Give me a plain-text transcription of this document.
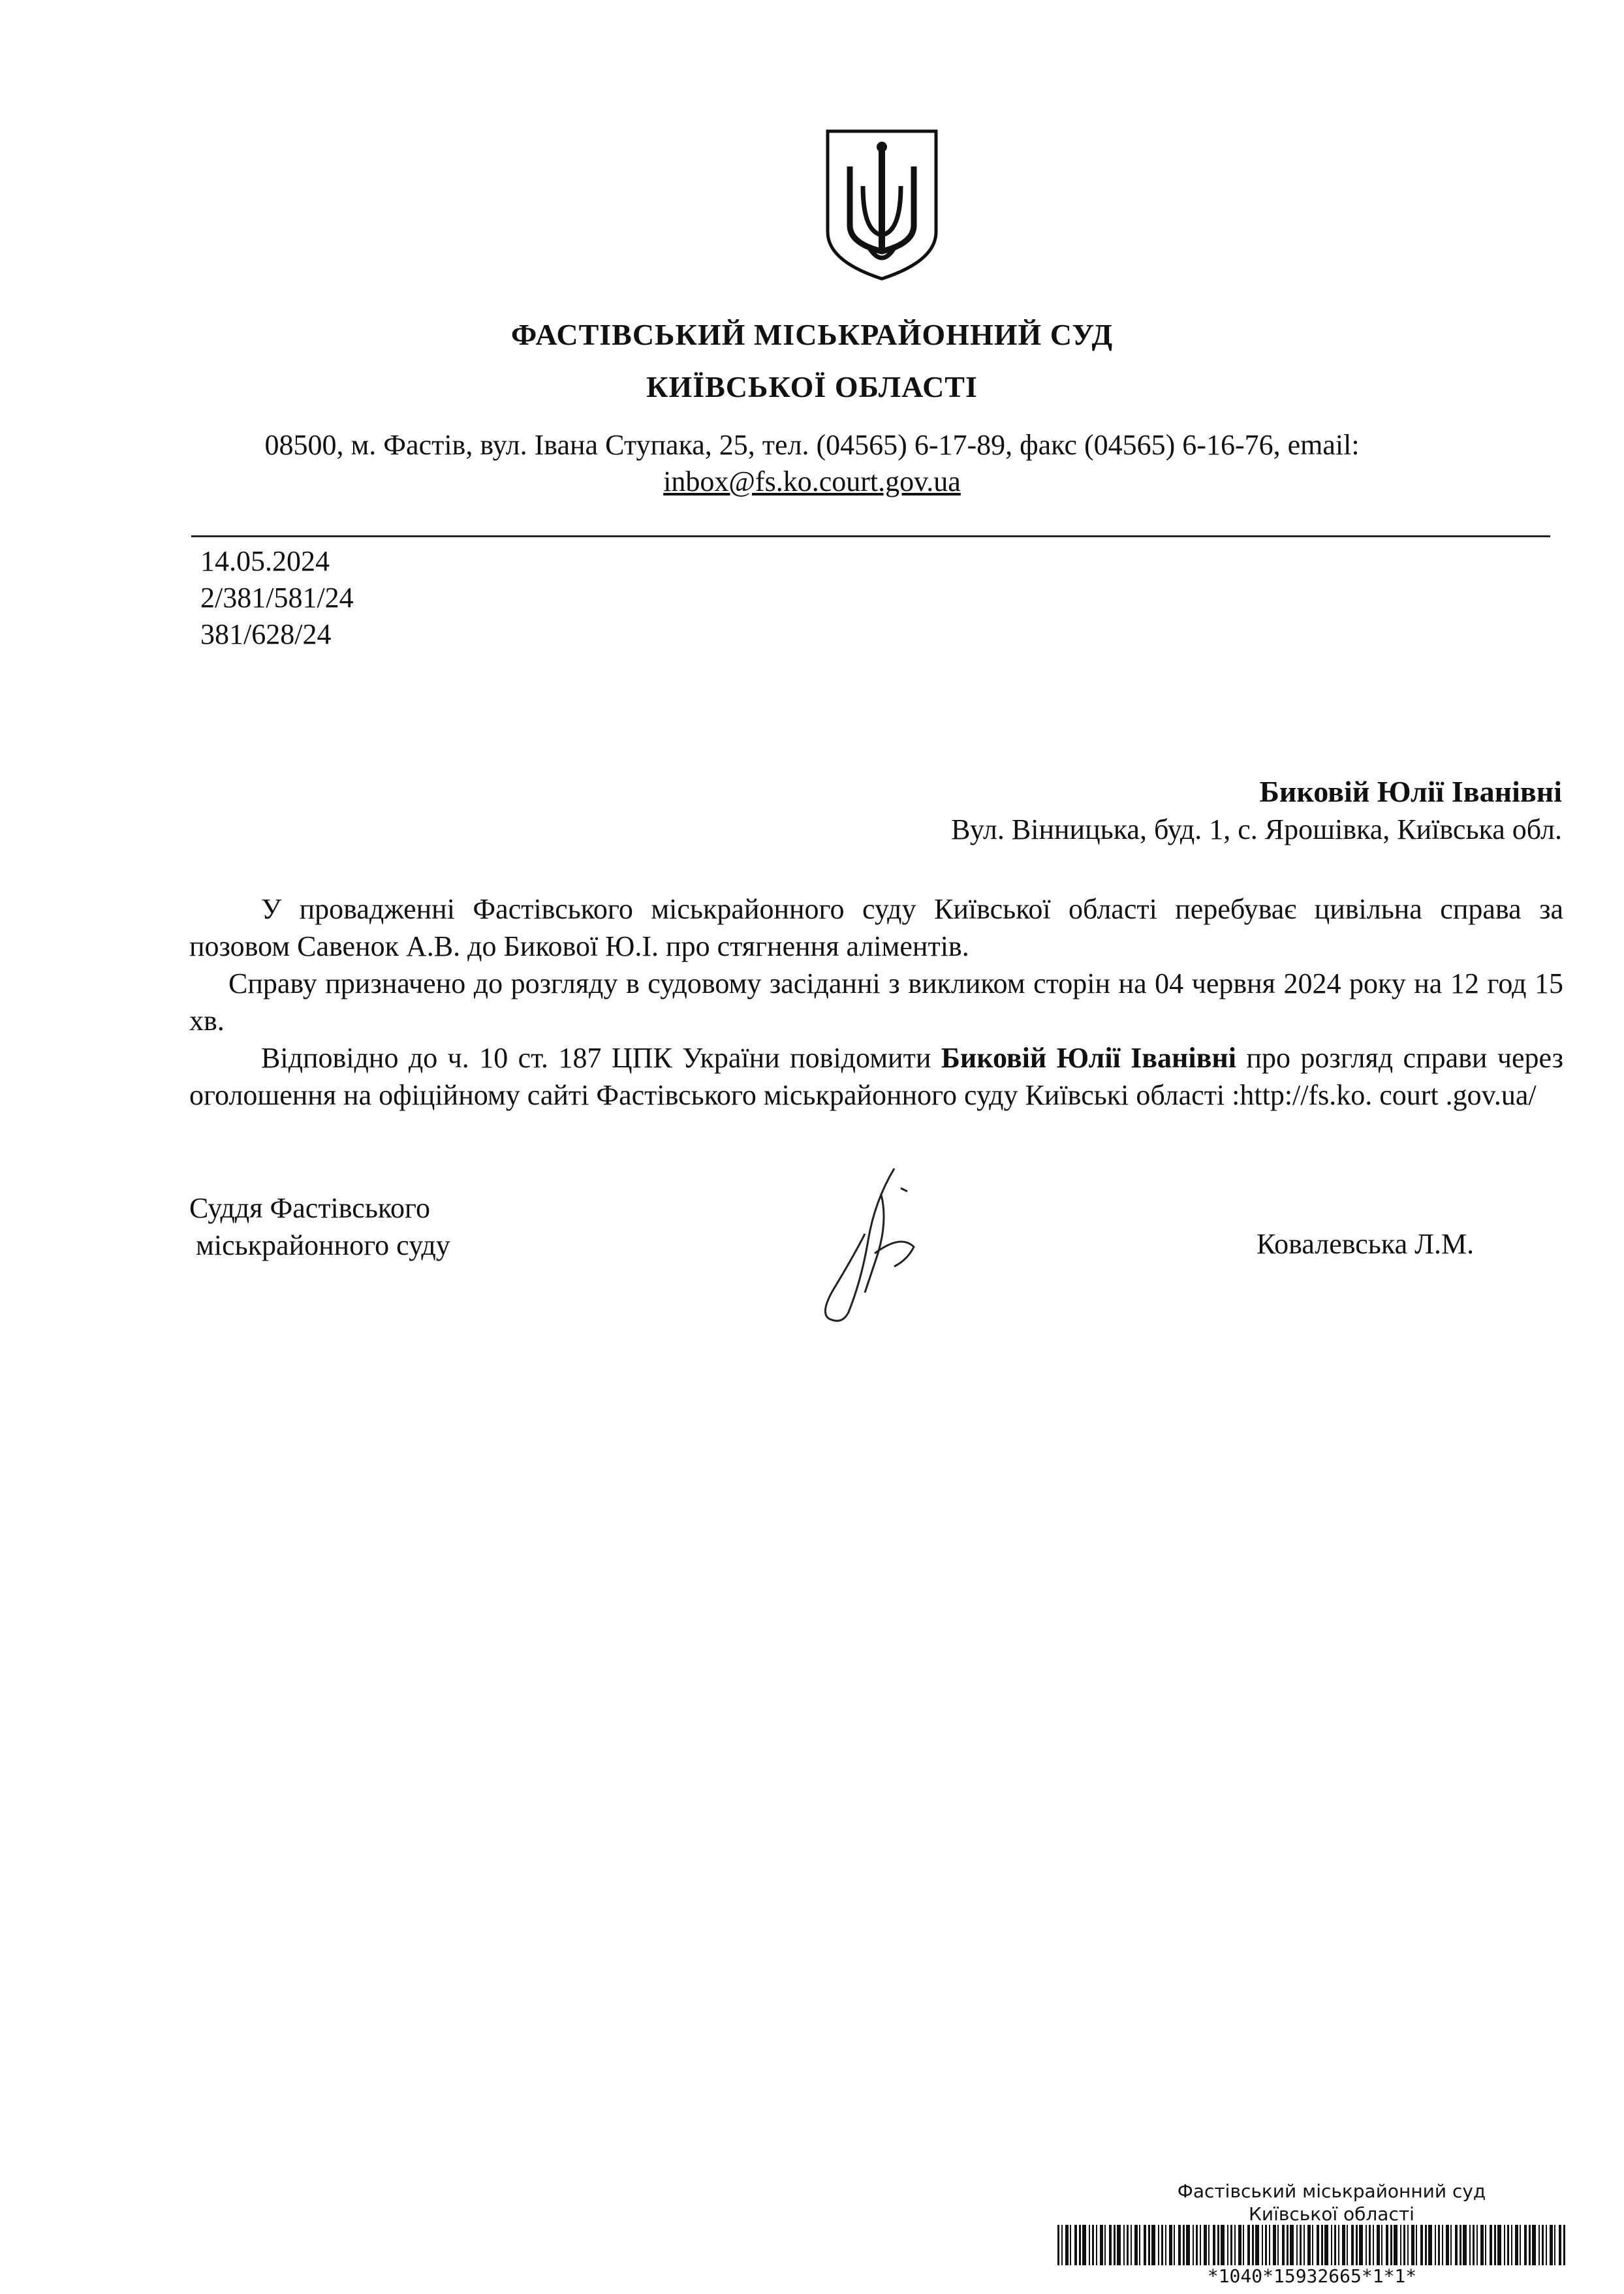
ФАСТІВСЬКИЙ МІСЬКРАЙОННИЙ СУД
КИЇВСЬКОЇ ОБЛАСТІ
08500, м. Фастів, вул. Івана Ступака, 25, тел. (04565) 6-17-89, факс (04565) 6-16-76, email:
inbox@fs.ko.court.gov.ua
14.05.2024
2/381/581/24
381/628/24
Биковій Юлії Іванівні
Вул. Вінницька, буд. 1, с. Ярошівка, Київська обл.
У провадженні Фастівського міськрайонного суду Київської області перебуває цивільна справа за позовом Савенок А.В. до Бикової Ю.І. про стягнення аліментів.
Справу призначено до розгляду в судовому засіданні з викликом сторін на 04 червня 2024 року на 12 год 15 хв.
Відповідно до ч. 10 ст. 187 ЦПК України повідомити Биковій Юлії Іванівні про розгляд справи через оголошення на офіційному сайті Фастівського міськрайонного суду Київські області :http://fs.ko. court .gov.ua/
Суддя Фастівського
міськрайонного суду	Ковалевська Л.М.
Фастівський міськрайонний суд
Київської області
*1040*15932665*1*1*
